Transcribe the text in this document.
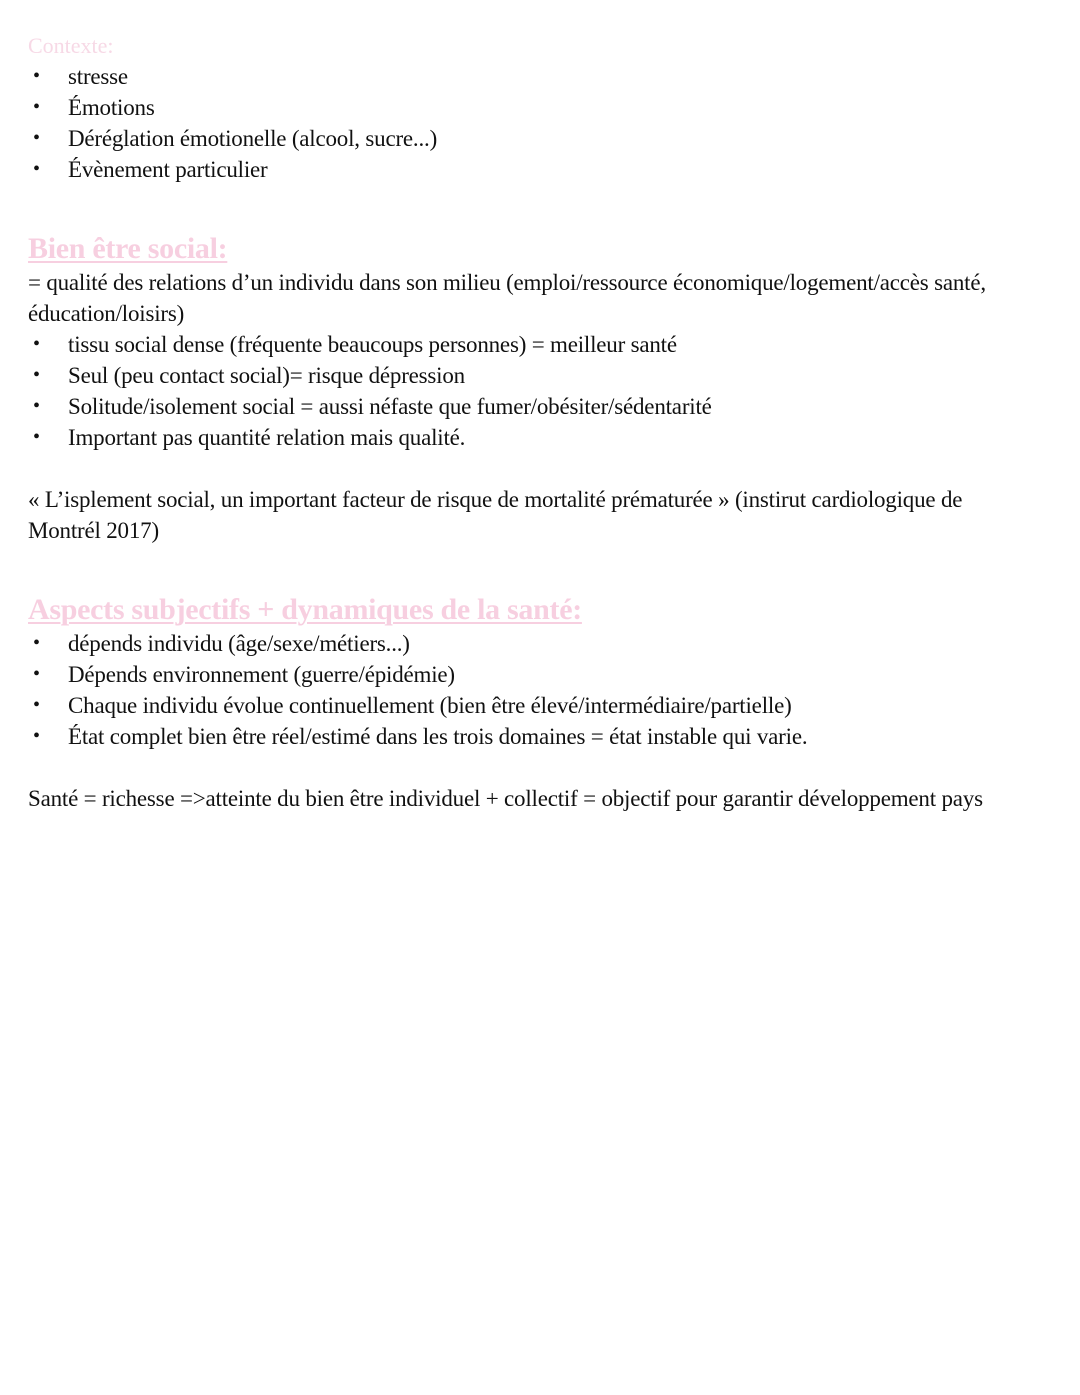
Contexte:
• stresse
• Émotions
• Déréglation émotionelle (alcool, sucre...)
• Évènement particulier
Bien être social:

= qualité des relations d’un individu dans son milieu (emploi/ressource économique/logement/accès santé, éducation/loisirs)

• tissu social dense (fréquente beaucoups personnes) = meilleur santé
• Seul (peu contact social)= risque dépression
• Solitude/isolement social = aussi néfaste que fumer/obésiter/sédentarité
• Important pas quantité relation mais qualité.

« L’isplement social, un important facteur de risque de mortalité prématurée » (instirut cardiologique de Montrél 2017)

Aspects subjectifs + dynamiques de la santé:
• dépends individu (âge/sexe/métiers...)
• Dépends environnement (guerre/épidémie)
• Chaque individu évolue continuellement (bien être élevé/intermédiaire/partielle)
• État complet bien être réel/estimé dans les trois domaines = état instable qui varie.

Santé = richesse =>atteinte du bien être individuel + collectif = objectif pour garantir développement pays
